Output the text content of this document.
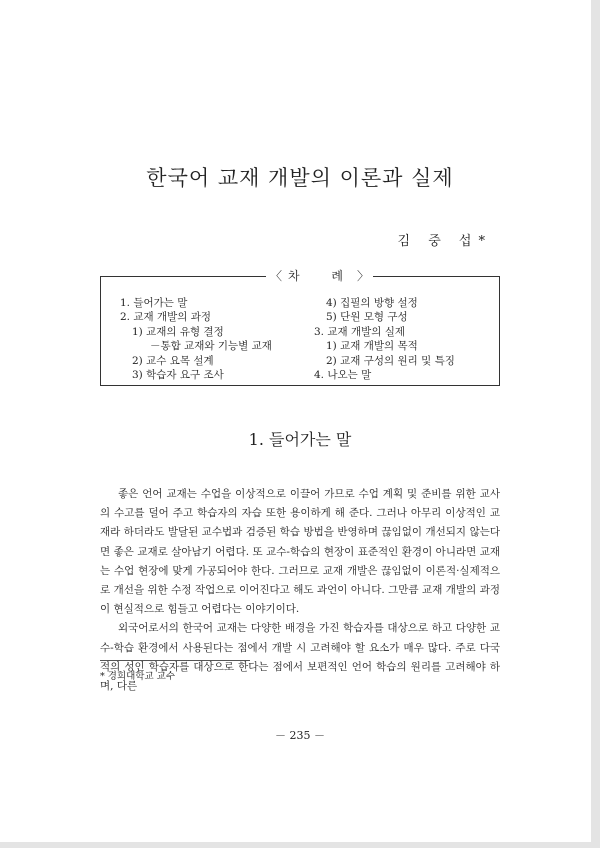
한국어 교재 개발의 이론과 실제
김 중 섭*
〈 차 례〉
1. 들어가는 말
2. 교재 개발의 과정
1) 교재의 유형 결정
－통합 교재와 기능별 교재
2) 교수 요목 설계
3) 학습자 요구 조사
4) 집필의 방향 설정
5) 단원 모형 구성
3. 교재 개발의 실제
1) 교재 개발의 목적
2) 교재 구성의 원리 및 특징
4. 나오는 말
1. 들어가는 말

좋은 언어 교재는 수업을 이상적으로 이끌어 가므로 수업 계획 및 준비를 위한 교사의 수고를 덜어 주고 학습자의 자습 또한 용이하게 해 준다. 그러나 아무리 이상적인 교재라 하더라도 발달된 교수법과 검증된 학습 방법을 반영하며 끊임없이 개선되지 않는다면 좋은 교재로 살아남기 어렵다. 또 교수-학습의 현장이 표준적인 환경이 아니라면 교재는 수업 현장에 맞게 가공되어야 한다. 그러므로 교재 개발은 끊임없이 이론적·실제적으로 개선을 위한 수정 작업으로 이어진다고 해도 과언이 아니다. 그만큼 교재 개발의 과정이 현실적으로 힘들고 어렵다는 이야기이다.

외국어로서의 한국어 교재는 다양한 배경을 가진 학습자를 대상으로 하고 다양한 교수-학습 환경에서 사용된다는 점에서 개발 시 고려해야 할 요소가 매우 많다. 주로 다국적의 성인 학습자를 대상으로 한다는 점에서 보편적인 언어 학습의 원리를 고려해야 하며, 다른

* 경희대학교 교수
－ 235 －
